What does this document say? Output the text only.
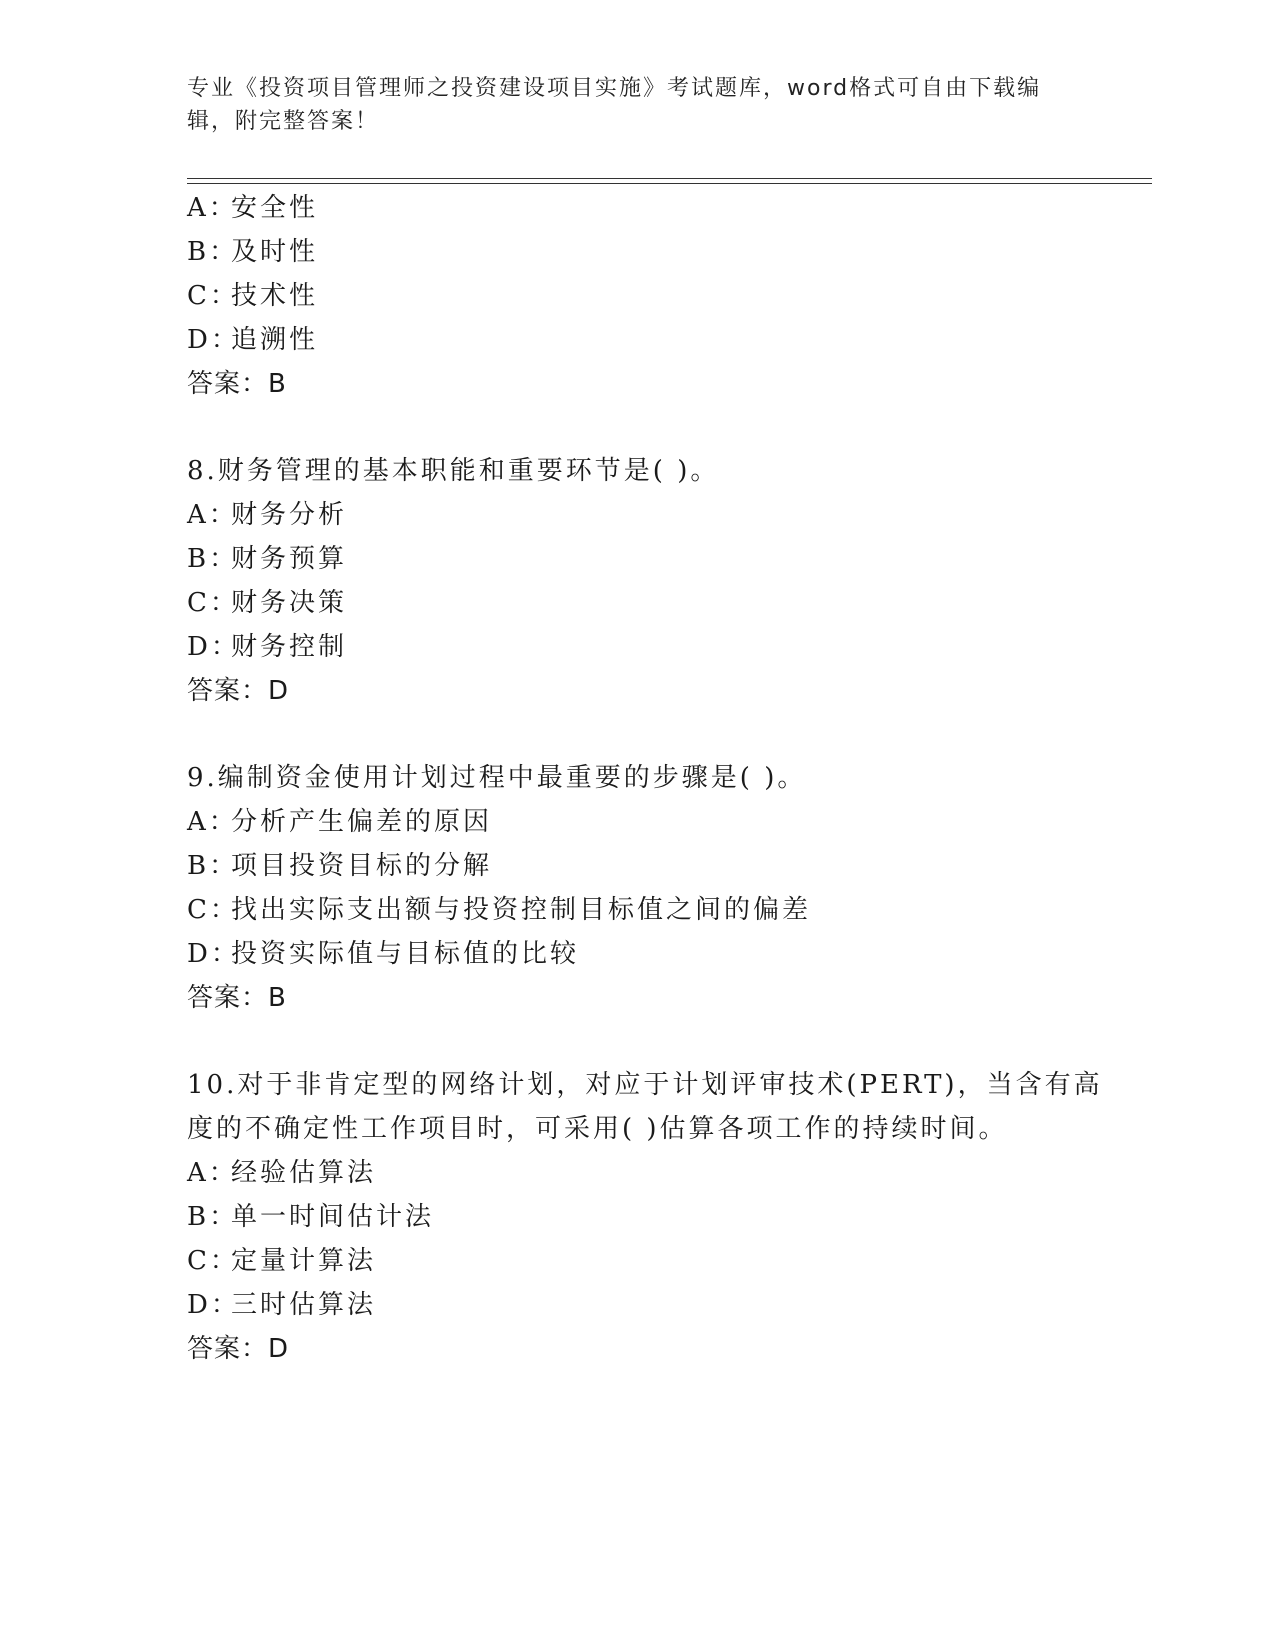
专业《投资项目管理师之投资建设项目实施》考试题库，word格式可自由下载编
辑，附完整答案！
A：安全性
B：及时性
C：技术性
D：追溯性
答案：B
8.财务管理的基本职能和重要环节是( )。
A：财务分析
B：财务预算
C：财务决策
D：财务控制
答案：D
9.编制资金使用计划过程中最重要的步骤是( )。
A：分析产生偏差的原因
B：项目投资目标的分解
C：找出实际支出额与投资控制目标值之间的偏差
D：投资实际值与目标值的比较
答案：B
10.对于非肯定型的网络计划，对应于计划评审技术(PERT)，当含有高
度的不确定性工作项目时，可采用( )估算各项工作的持续时间。
A：经验估算法
B：单一时间估计法
C：定量计算法
D：三时估算法
答案：D
